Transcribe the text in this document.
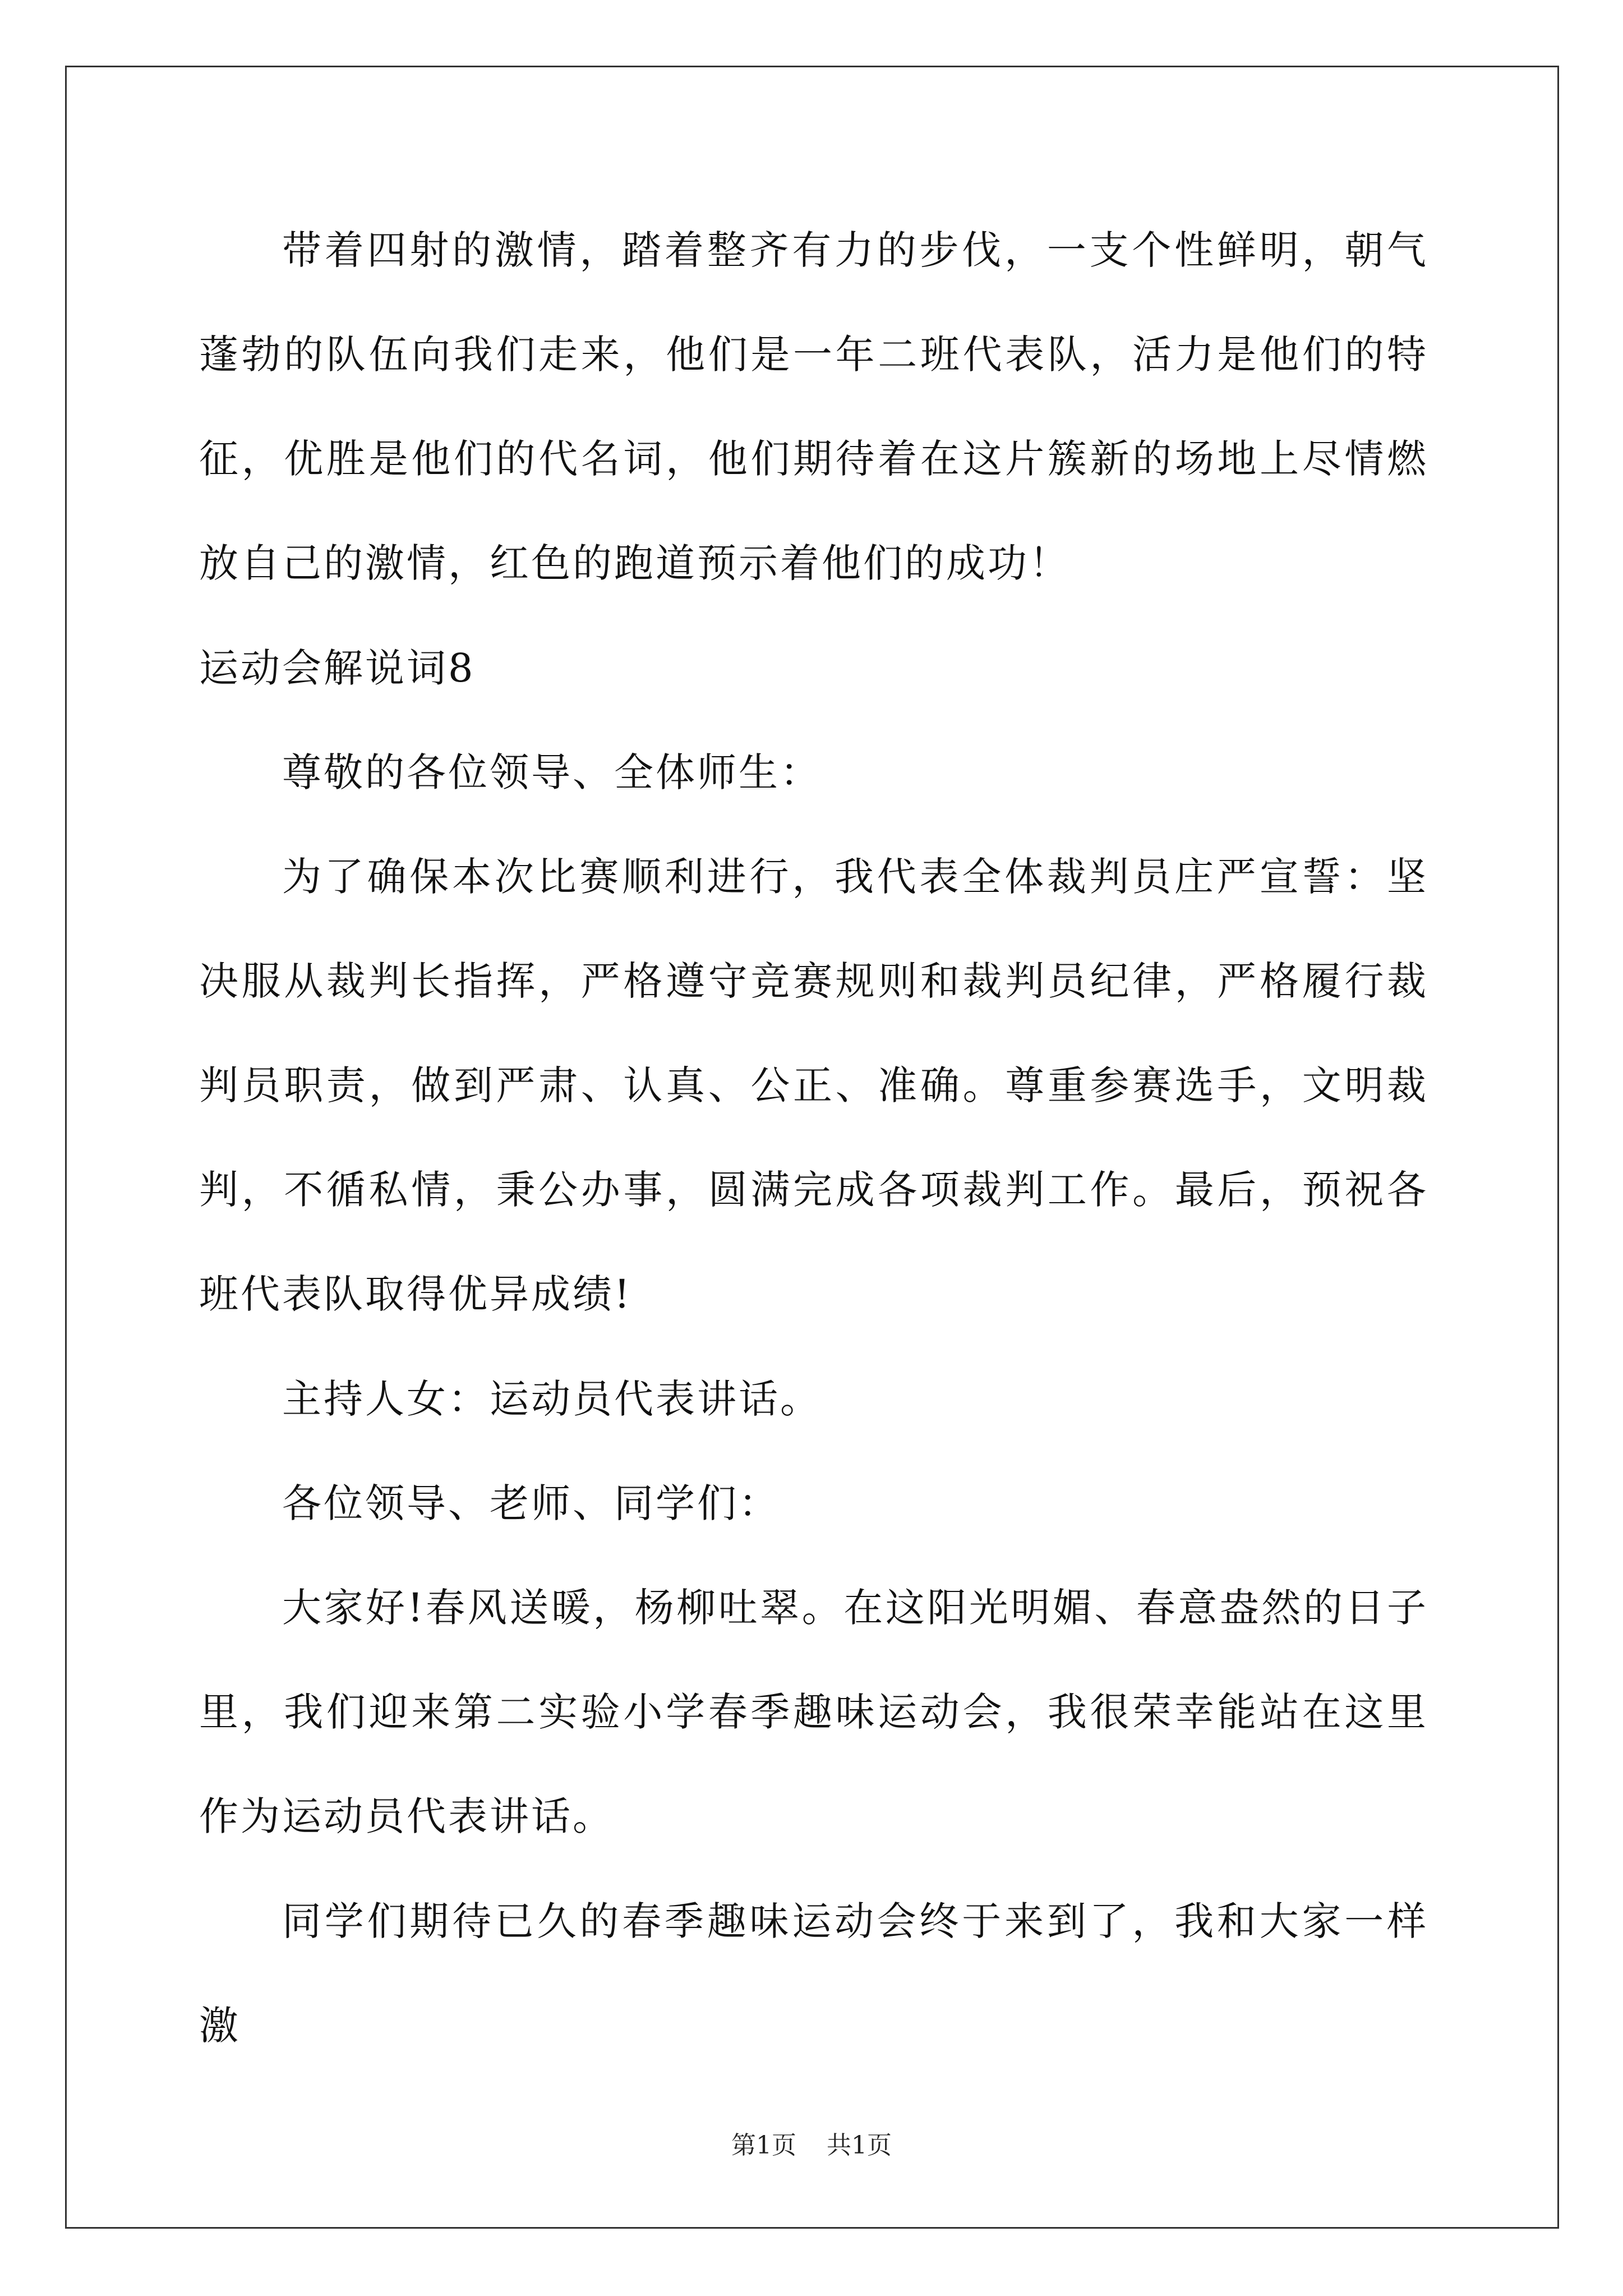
带着四射的激情，踏着整齐有力的步伐，一支个性鲜明，朝气蓬勃的队伍向我们走来，他们是一年二班代表队，活力是他们的特征，优胜是他们的代名词，他们期待着在这片簇新的场地上尽情燃放自己的激情，红色的跑道预示着他们的成功！

运动会解说词8

尊敬的各位领导、全体师生：

为了确保本次比赛顺利进行，我代表全体裁判员庄严宣誓：坚决服从裁判长指挥，严格遵守竞赛规则和裁判员纪律，严格履行裁判员职责，做到严肃、认真、公正、准确。尊重参赛选手，文明裁判，不循私情，秉公办事，圆满完成各项裁判工作。最后，预祝各班代表队取得优异成绩!

主持人女：运动员代表讲话。

各位领导、老师、同学们：

大家好!春风送暖，杨柳吐翠。在这阳光明媚、春意盎然的日子里，我们迎来第二实验小学春季趣味运动会，我很荣幸能站在这里作为运动员代表讲话。

同学们期待已久的春季趣味运动会终于来到了，我和大家一样激

第1页 共1页
